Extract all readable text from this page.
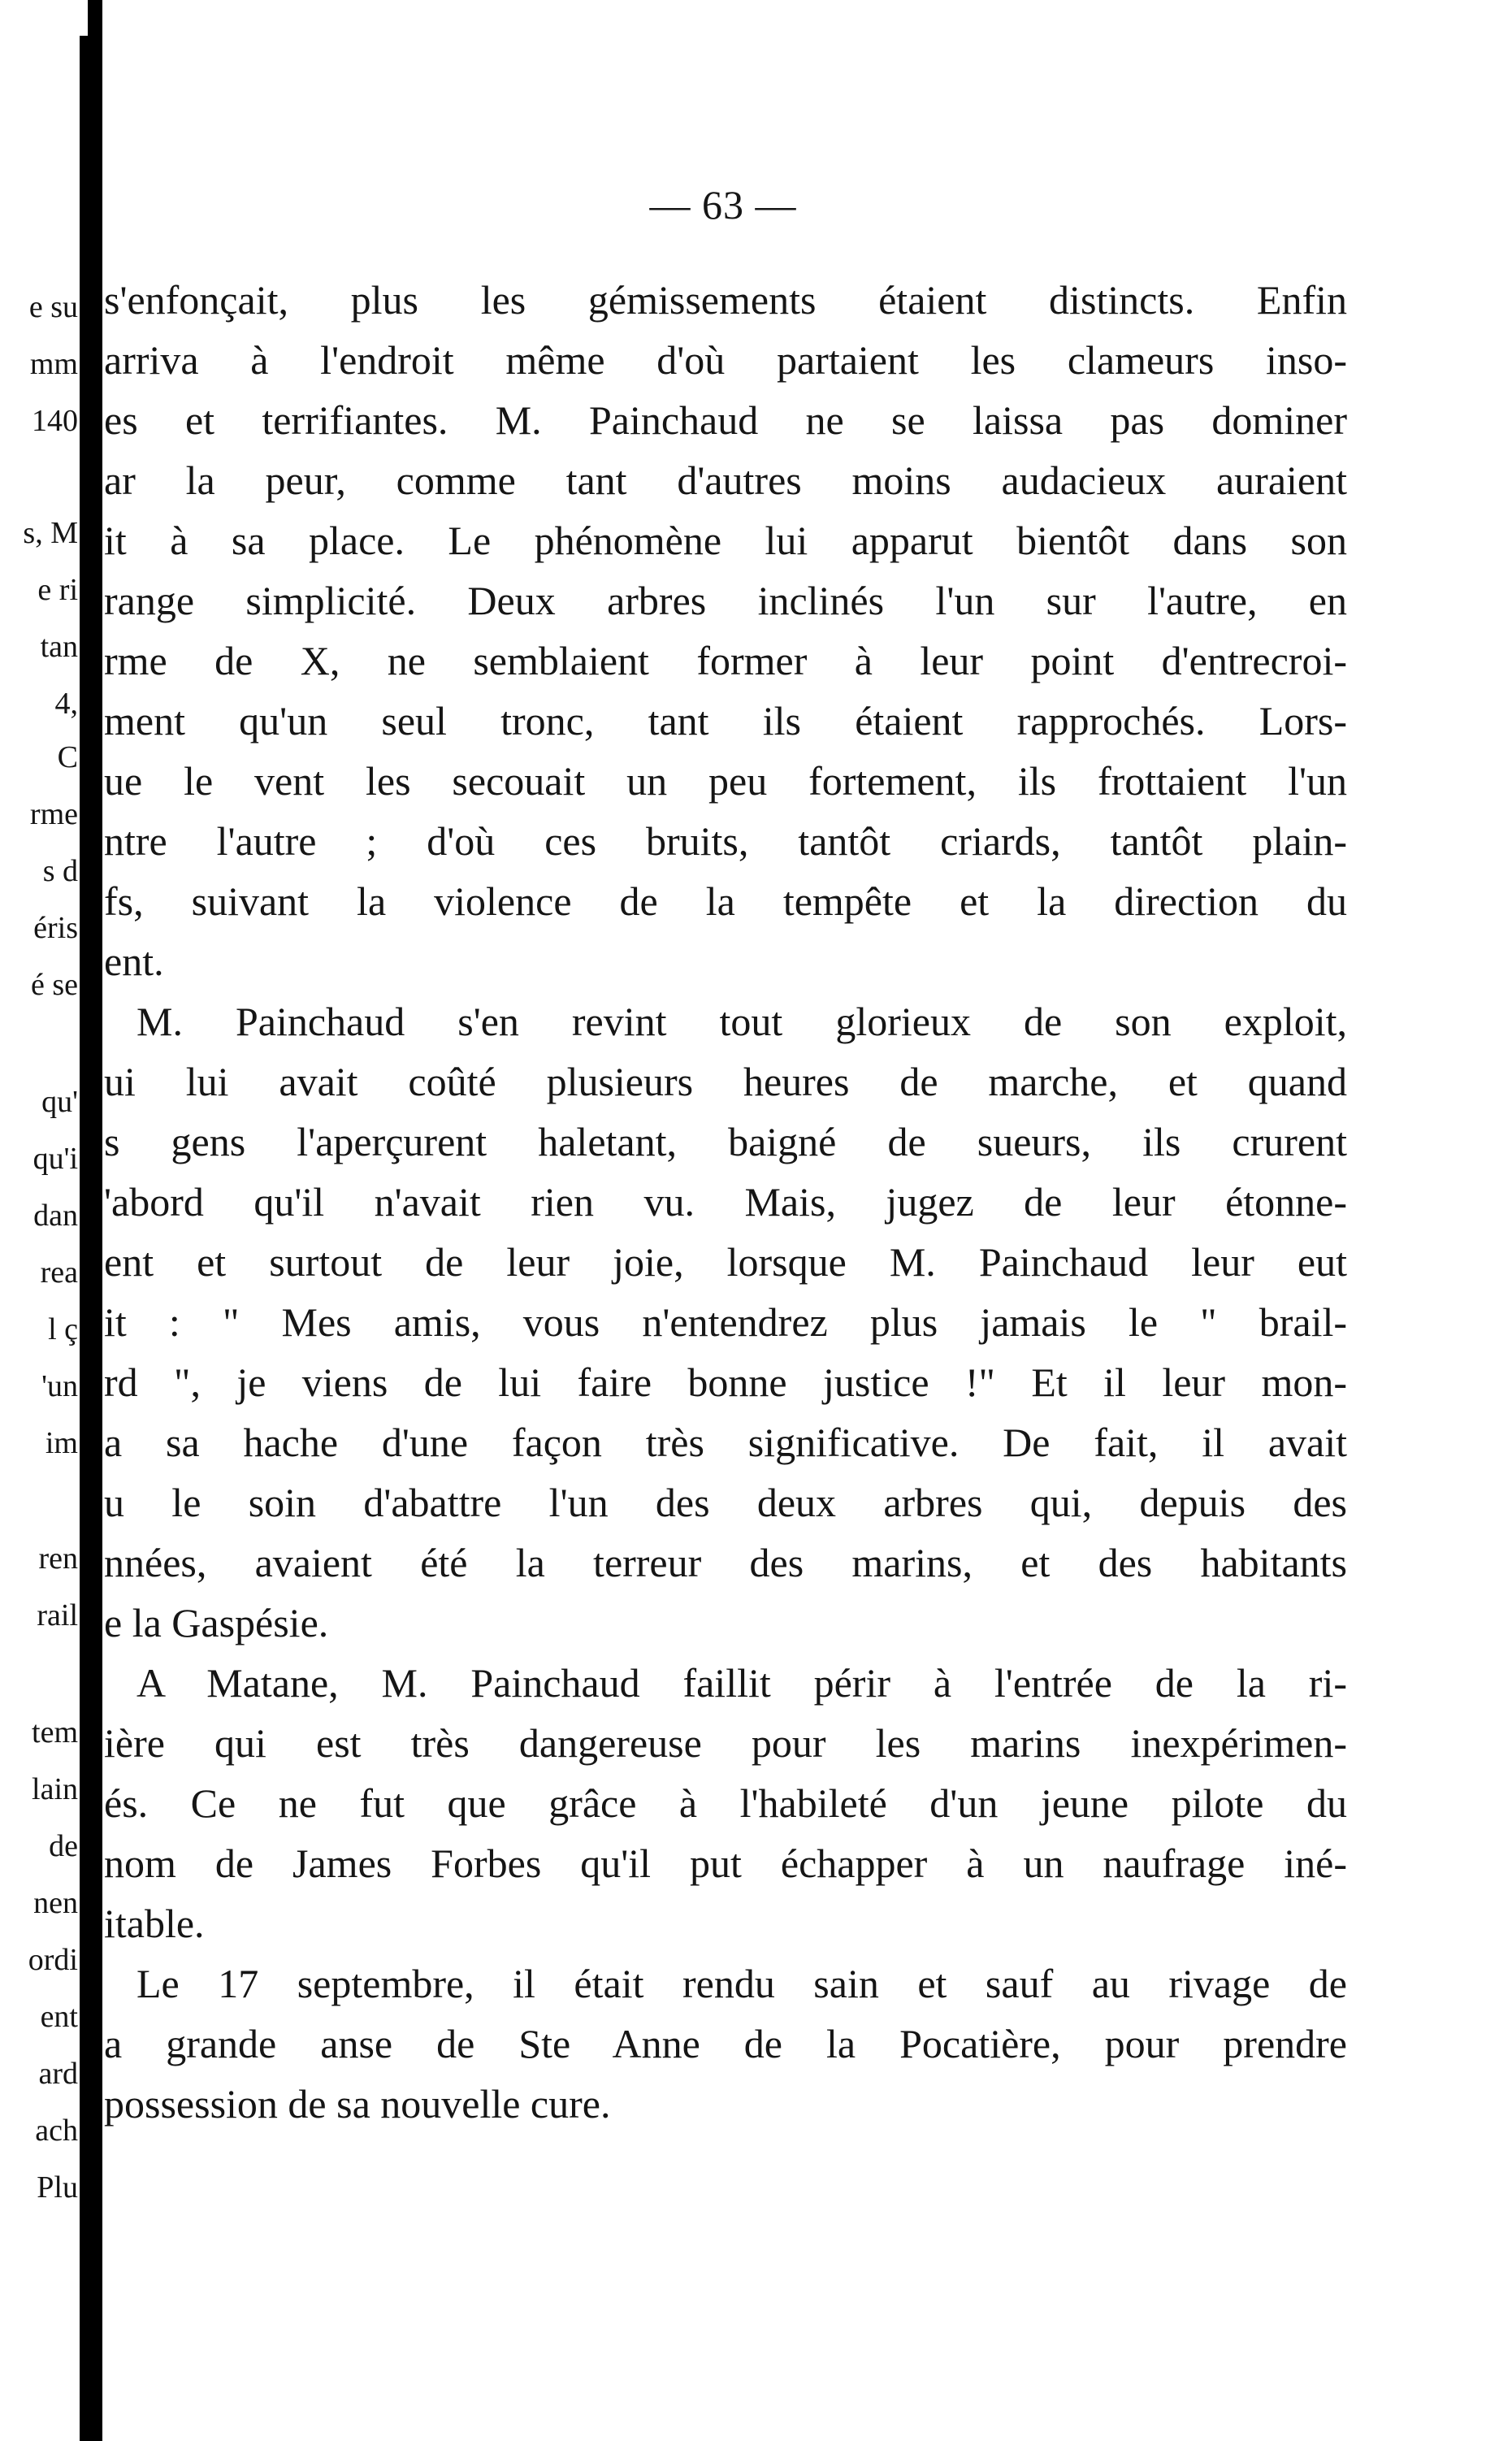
e su
mm
140
s, M
e ri
tan
4,
C
rme
s d
éris
é se
qu'
qu'i
dan
rea
l ç
'un
im
ren
rail
tem
lain
de
nen
ordi
ent
ard
ach
Plu
— 63 —
s'enfonçait, plus les gémissements étaient distincts. Enfin
arriva à l'endroit même d'où partaient les clameurs inso-
es et terrifiantes. M. Painchaud ne se laissa pas dominer
ar la peur, comme tant d'autres moins audacieux auraient
it à sa place. Le phénomène lui apparut bientôt dans son
range simplicité. Deux arbres inclinés l'un sur l'autre, en
rme de X, ne semblaient former à leur point d'entrecroi-
ment qu'un seul tronc, tant ils étaient rapprochés. Lors-
ue le vent les secouait un peu fortement, ils frottaient l'un
ntre l'autre ; d'où ces bruits, tantôt criards, tantôt plain-
fs, suivant la violence de la tempête et la direction du
ent.
M. Painchaud s'en revint tout glorieux de son exploit,
ui lui avait coûté plusieurs heures de marche, et quand
s gens l'aperçurent haletant, baigné de sueurs, ils crurent
'abord qu'il n'avait rien vu. Mais, jugez de leur étonne-
ent et surtout de leur joie, lorsque M. Painchaud leur eut
it : " Mes amis, vous n'entendrez plus jamais le " brail-
rd ", je viens de lui faire bonne justice !" Et il leur mon-
a sa hache d'une façon très significative. De fait, il avait
u le soin d'abattre l'un des deux arbres qui, depuis des
nnées, avaient été la terreur des marins, et des habitants
e la Gaspésie.
A Matane, M. Painchaud faillit périr à l'entrée de la ri-
ière qui est très dangereuse pour les marins inexpérimen-
és. Ce ne fut que grâce à l'habileté d'un jeune pilote du
nom de James Forbes qu'il put échapper à un naufrage iné-
itable.
Le 17 septembre, il était rendu sain et sauf au rivage de
a grande anse de Ste Anne de la Pocatière, pour prendre
possession de sa nouvelle cure.
